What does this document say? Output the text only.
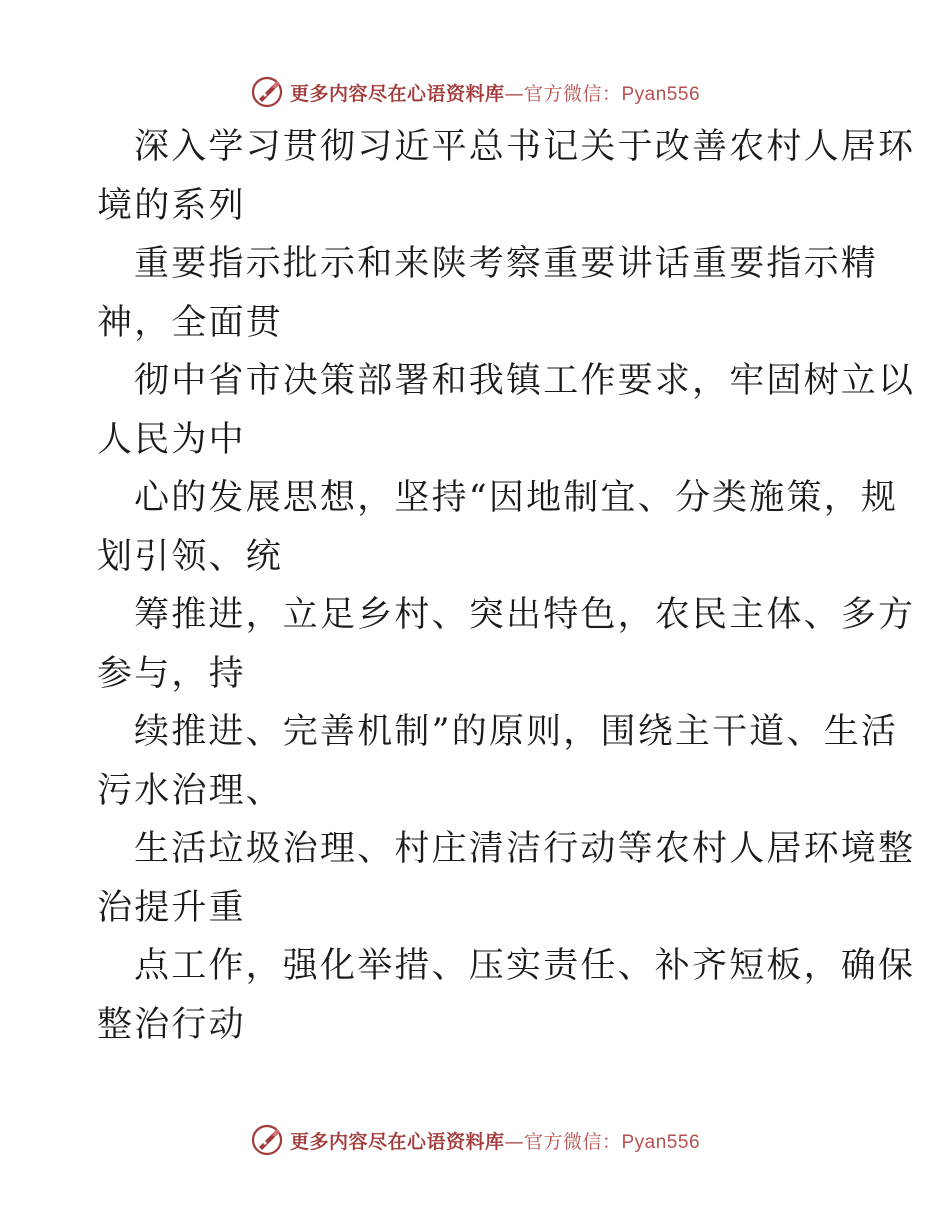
更多内容尽在心语资料库—官方微信：Pyan556
深入学习贯彻习近平总书记关于改善农村人居环
境的系列
重要指示批示和来陕考察重要讲话重要指示精
神，全面贯
彻中省市决策部署和我镇工作要求，牢固树立以
人民为中
心的发展思想，坚持“因地制宜、分类施策，规
划引领、统
筹推进，立足乡村、突出特色，农民主体、多方
参与，持
续推进、完善机制”的原则，围绕主干道、生活
污水治理、
生活垃圾治理、村庄清洁行动等农村人居环境整
治提升重
点工作，强化举措、压实责任、补齐短板，确保
整治行动
更多内容尽在心语资料库—官方微信：Pyan556
